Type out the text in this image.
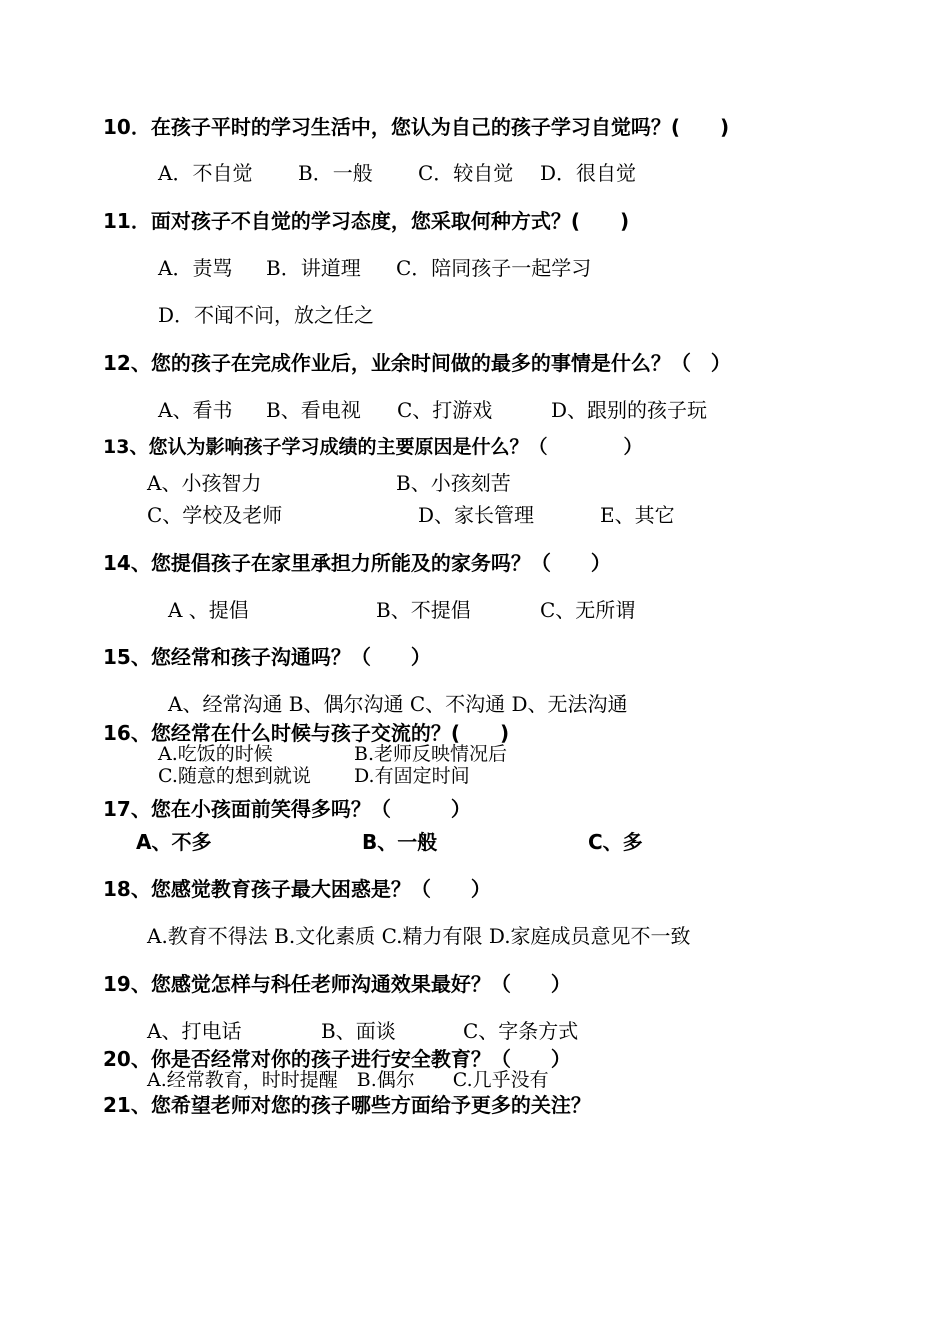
10．在孩子平时的学习生活中，您认为自己的孩子学习自觉吗？(　　)
A．不自觉 B．一般 C．较自觉 D．很自觉
11．面对孩子不自觉的学习态度，您采取何种方式？(　　)
A．责骂 B．讲道理 C．陪同孩子一起学习
D．不闻不问，放之任之
12、您的孩子在完成作业后，业余时间做的最多的事情是什么？（　）
A、看书 B、看电视 C、打游戏	D、跟别的孩子玩
13、您认为影响孩子学习成绩的主要原因是什么？（　　　　）
A、小孩智力	B、小孩刻苦
C、学校及老师	D、家长管理	E、其它
14、您提倡孩子在家里承担力所能及的家务吗？（　　）
A 、提倡	B、不提倡	C、无所谓
15、您经常和孩子沟通吗？（　　）
A、经常沟通 B、偶尔沟通 C、不沟通 D、无法沟通
16、您经常在什么时候与孩子交流的？(　　)
A.吃饭的时候	B.老师反映情况后
C.随意的想到就说 D.有固定时间
17、您在小孩面前笑得多吗？（　　　）
A、不多	B、一般	C、多
18、您感觉教育孩子最大困惑是？（　　）
A.教育不得法 B.文化素质 C.精力有限 D.家庭成员意见不一致
19、您感觉怎样与科任老师沟通效果最好？（　　）
A、打电话	B、面谈	C、字条方式
20、你是否经常对你的孩子进行安全教育？（　　）
A.经常教育，时时提醒　B.偶尔　　C.几乎没有
21、您希望老师对您的孩子哪些方面给予更多的关注？
